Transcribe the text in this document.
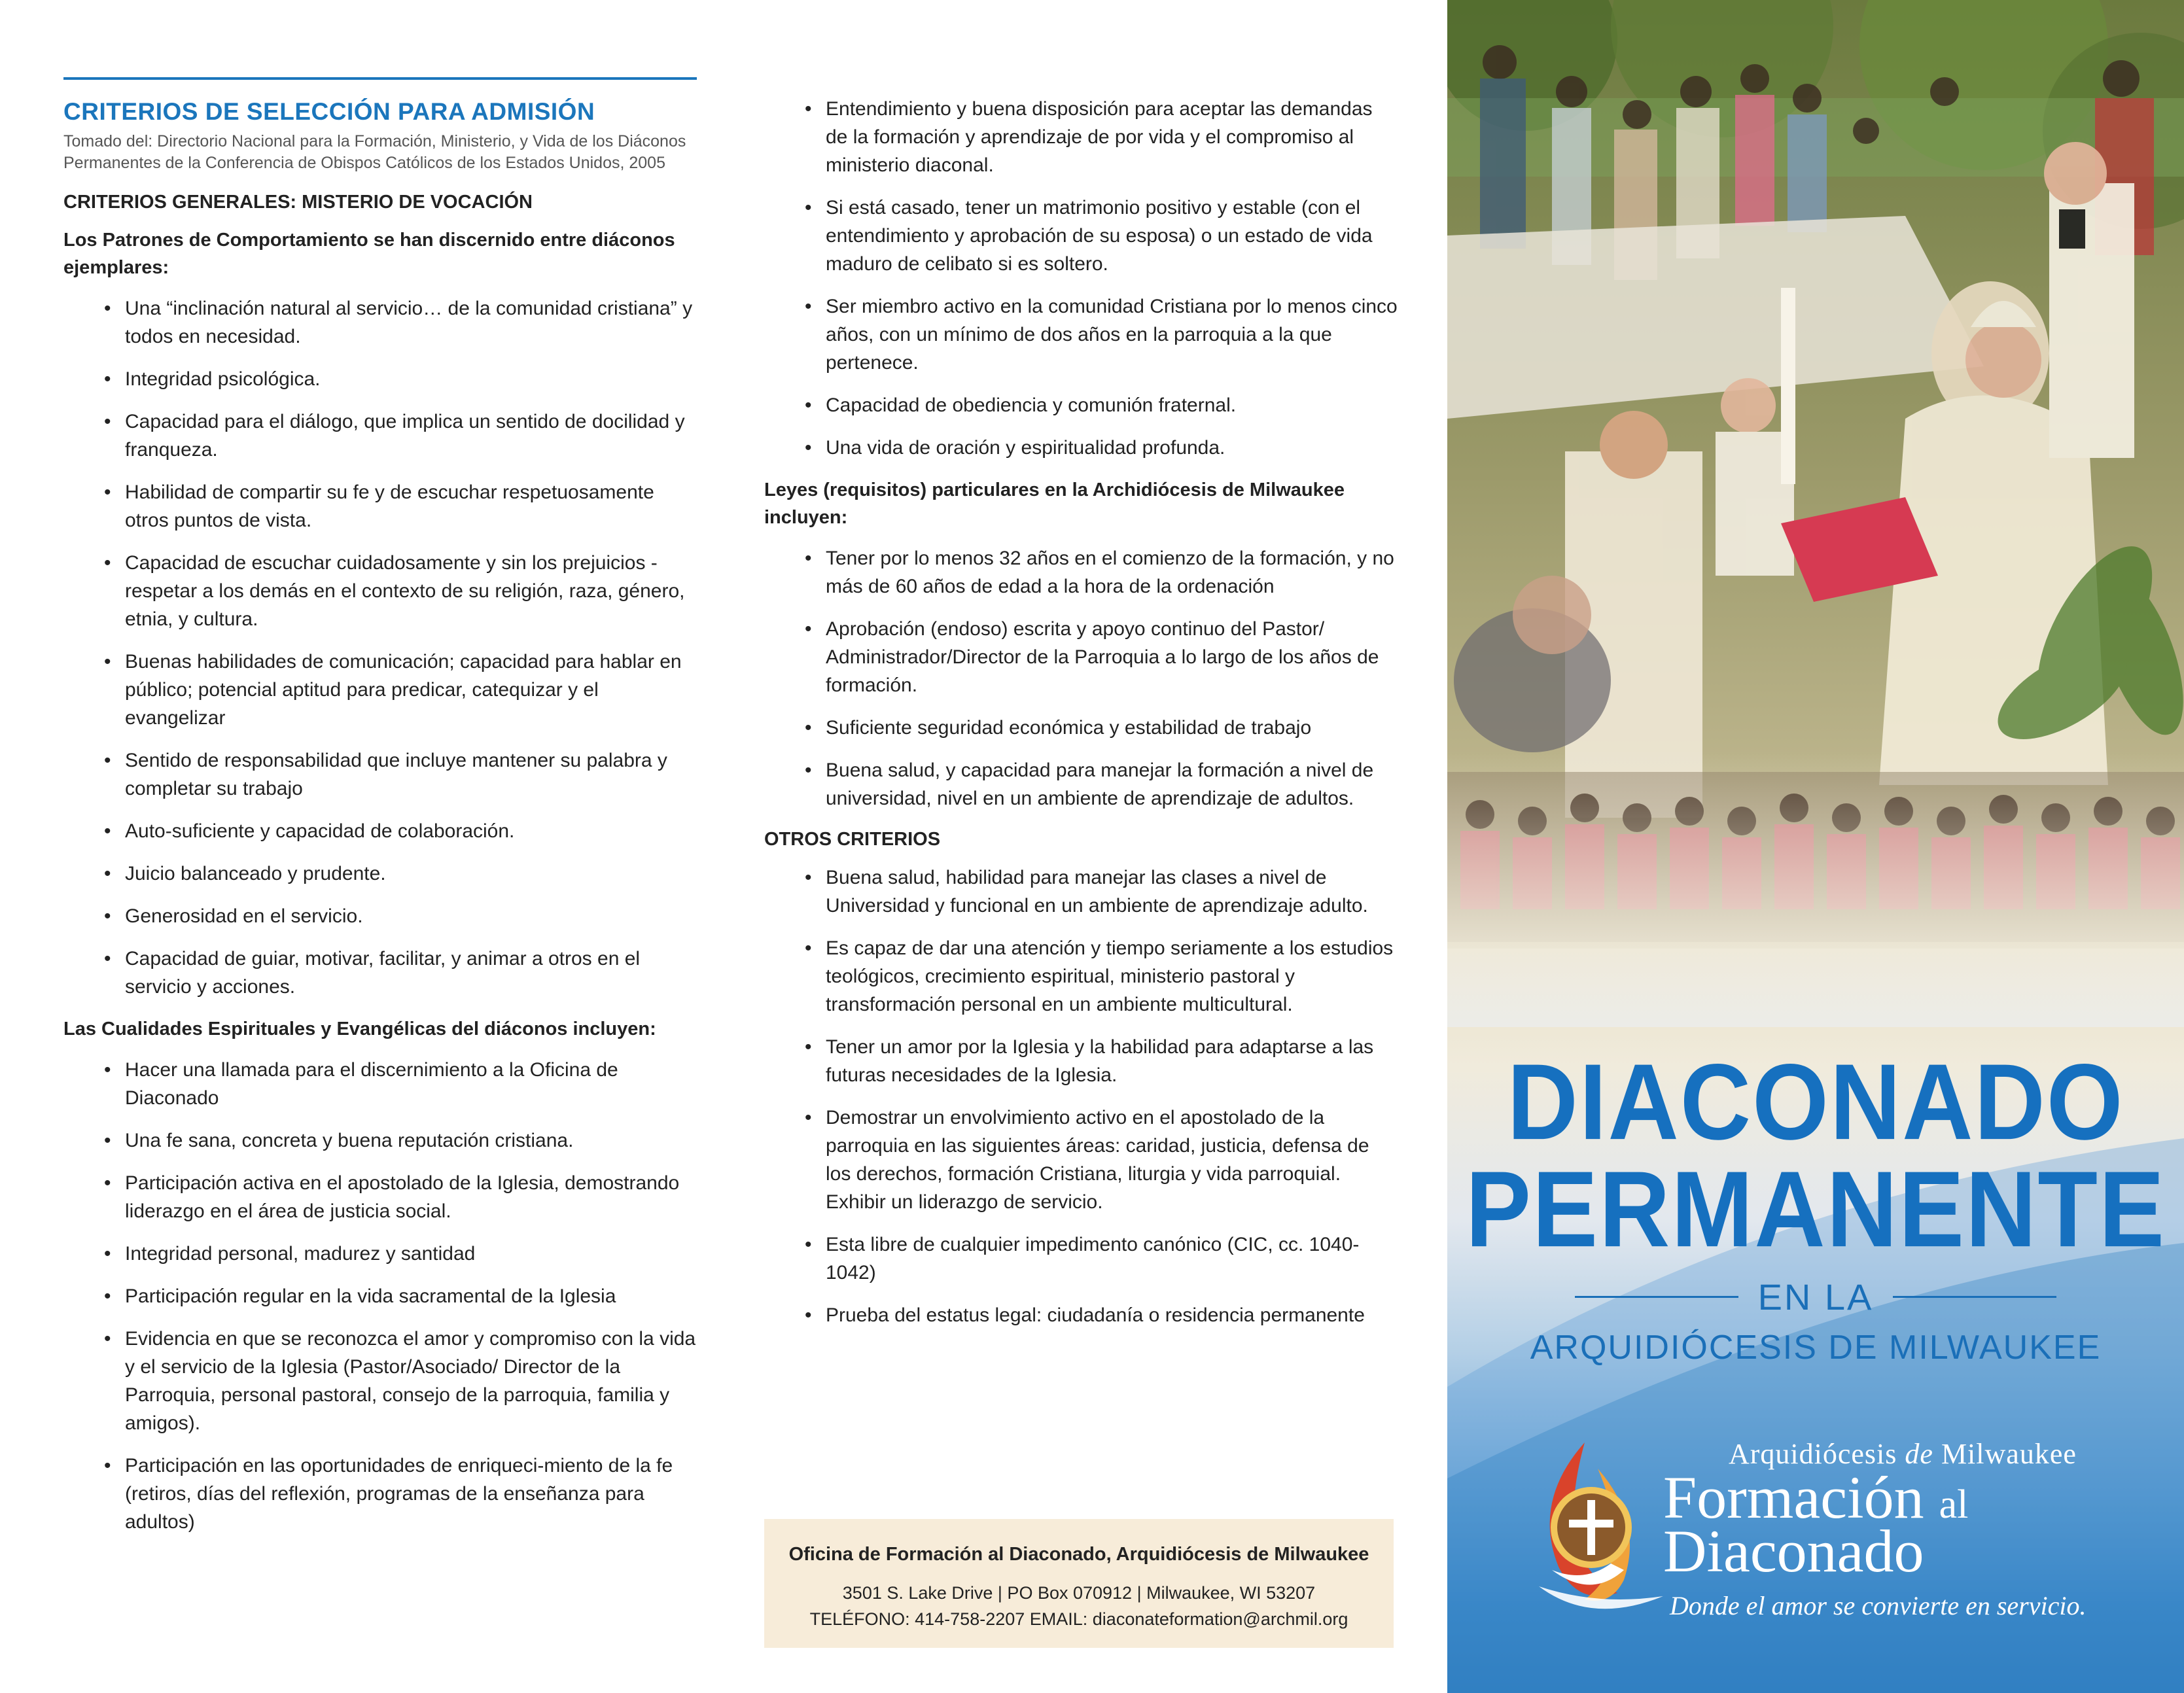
CRITERIOS DE SELECCIÓN PARA ADMISIÓN
Tomado del: Directorio Nacional para la Formación, Ministerio, y Vida de los Diáconos Permanentes de la Conferencia de Obispos Católicos de los Estados Unidos, 2005
CRITERIOS GENERALES: MISTERIO DE VOCACIÓN
Los Patrones de Comportamiento se han discernido entre diáconos ejemplares:
• Una “inclinación natural al servicio… de la comunidad cristiana” y todos en necesidad.
• Integridad psicológica.
• Capacidad para el diálogo, que implica un sentido de docilidad y franqueza.
• Habilidad de compartir su fe y de escuchar respetuosamente otros puntos de vista.
• Capacidad de escuchar cuidadosamente y sin los prejuicios - respetar a los demás en el contexto de su religión, raza, género, etnia, y cultura.
• Buenas habilidades de comunicación; capacidad para hablar en público; potencial aptitud para predicar, catequizar y el evangelizar
• Sentido de responsabilidad que incluye mantener su palabra y completar su trabajo
• Auto-suficiente y capacidad de colaboración.
• Juicio balanceado y prudente.
• Generosidad en el servicio.
• Capacidad de guiar, motivar, facilitar, y animar a otros en el servicio y acciones.
Las Cualidades Espirituales y Evangélicas del diáconos incluyen:
• Hacer una llamada para el discernimiento a la Oficina de Diaconado
• Una fe sana, concreta y buena reputación cristiana.
• Participación activa en el apostolado de la Iglesia, demostrando liderazgo en el área de justicia social.
• Integridad personal, madurez y santidad
• Participación regular en la vida sacramental de la Iglesia
• Evidencia en que se reconozca el amor y compromiso con la vida y el servicio de la Iglesia (Pastor/Asociado/ Director de la Parroquia, personal pastoral, consejo de la parroquia, familia y amigos).
• Participación en las oportunidades de enriqueci-miento de la fe (retiros, días del reflexión, programas de la enseñanza para adultos)
• Entendimiento y buena disposición para aceptar las demandas de la formación y aprendizaje de por vida y el compromiso al ministerio diaconal.
• Si está casado, tener un matrimonio positivo y estable (con el entendimiento y aprobación de su esposa) o un estado de vida maduro de celibato si es soltero.
• Ser miembro activo en la comunidad Cristiana por lo menos cinco años, con un mínimo de dos años en la parroquia a la que pertenece.
• Capacidad de obediencia y comunión fraternal.
• Una vida de oración y espiritualidad profunda.
Leyes (requisitos) particulares en la Archidiócesis de Milwaukee incluyen:
• Tener por lo menos 32 años en el comienzo de la formación, y no más de 60 años de edad a la hora de la ordenación
• Aprobación (endoso) escrita y apoyo continuo del Pastor/ Administrador/Director de la Parroquia a lo largo de los años de formación.
• Suficiente seguridad económica y estabilidad de trabajo
• Buena salud, y capacidad para manejar la formación a nivel de universidad, nivel en un ambiente de aprendizaje de adultos.
OTROS CRITERIOS
• Buena salud, habilidad para manejar las clases a nivel de Universidad y funcional en un ambiente de aprendizaje adulto.
• Es capaz de dar una atención y tiempo seriamente a los estudios teológicos, crecimiento espiritual, ministerio pastoral y transformación personal en un ambiente multicultural.
• Tener un amor por la Iglesia y la habilidad para adaptarse a las futuras necesidades de la Iglesia.
• Demostrar un envolvimiento activo en el apostolado de la parroquia en las siguientes áreas: caridad, justicia, defensa de los derechos, formación Cristiana, liturgia y vida parroquial. Exhibir un liderazgo de servicio.
• Esta libre de cualquier impedimento canónico (CIC, cc. 1040-1042)
• Prueba del estatus legal: ciudadanía o residencia permanente
Oficina de Formación al Diaconado, Arquidiócesis de Milwaukee
3501 S. Lake Drive | PO Box 070912 | Milwaukee, WI 53207
TELÉFONO: 414-758-2207 EMAIL: diaconateformation@archmil.org
DIACONADO
PERMANENTE
EN LA
ARQUIDIÓCESIS DE MILWAUKEE
Arquidiócesis de Milwaukee
Formación al
Diaconado
Donde el amor se convierte en servicio.
